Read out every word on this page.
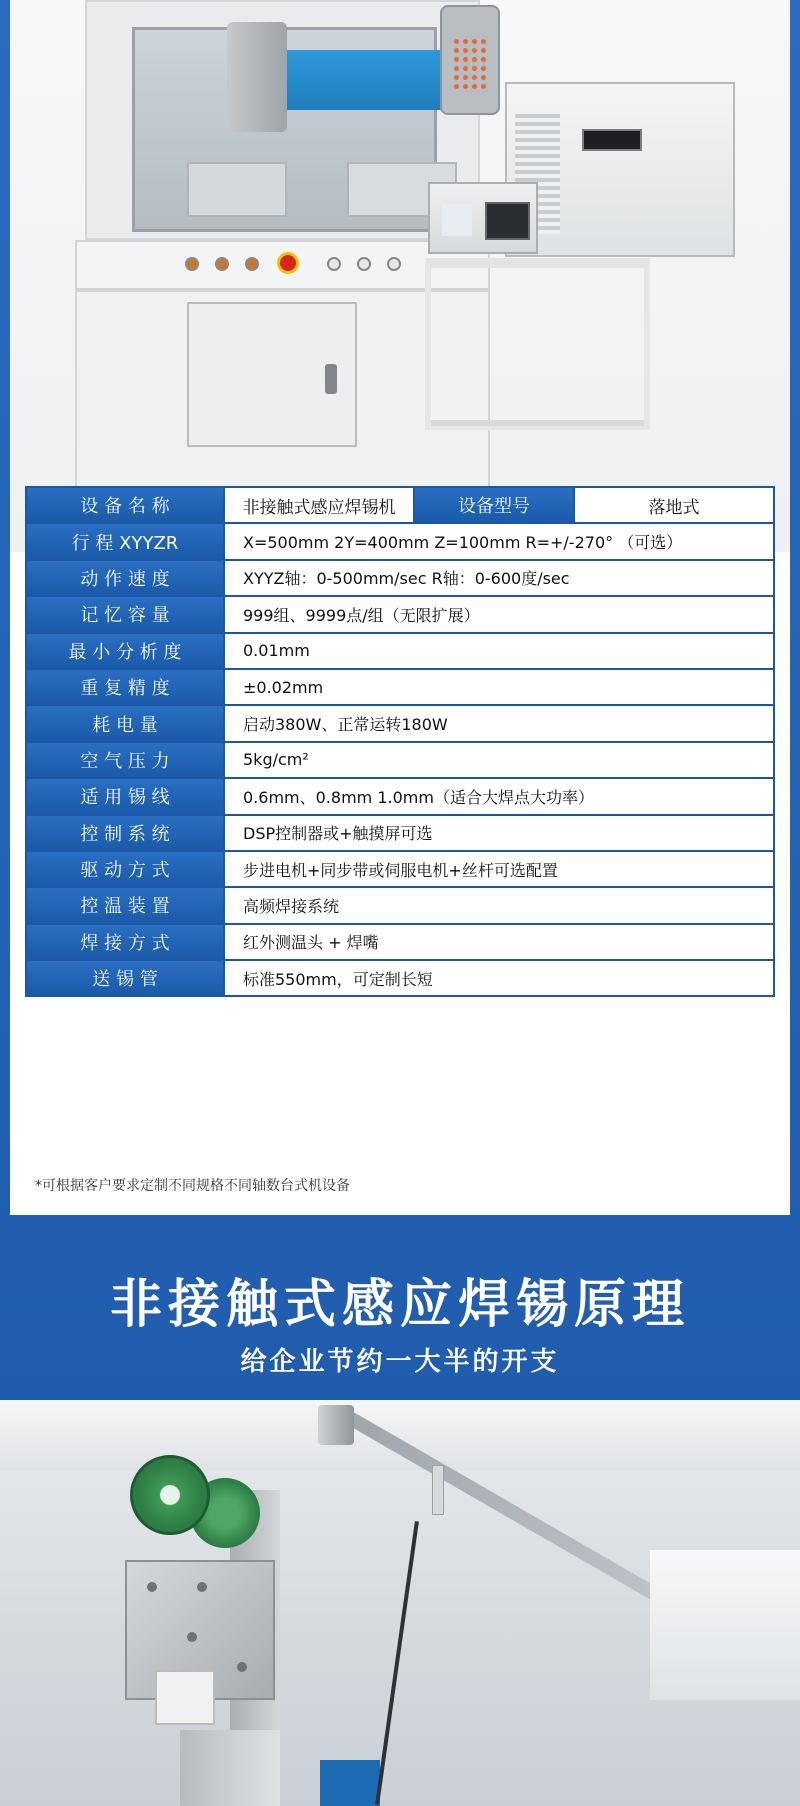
设 备 名 称	非接触式感应焊锡机	设备型号	落地式

行 程 XYYZR	X=500mm 2Y=400mm Z=100mm R=+/-270° （可选）		

动 作 速 度	XYYZ轴：0-500mm/sec R轴：0-600度/sec		

记 忆 容 量	999组、9999点/组（无限扩展）		

最 小 分 析 度	0.01mm		

重 复 精 度	±0.02mm		

耗 电 量	启动380W、正常运转180W		

空 气 压 力	5kg/cm²		

适 用 锡 线	0.6mm、0.8mm 1.0mm（适合大焊点大功率）		

控 制 系 统	DSP控制器或+触摸屏可选		

驱 动 方 式	步进电机+同步带或伺服电机+丝杆可选配置		

控 温 装 置	高频焊接系统		

焊 接 方 式	红外测温头 + 焊嘴		

送 锡 管	标准550mm，可定制长短		
*可根据客户要求定制不同规格不同轴数台式机设备
非接触式感应焊锡原理
给企业节约一大半的开支
